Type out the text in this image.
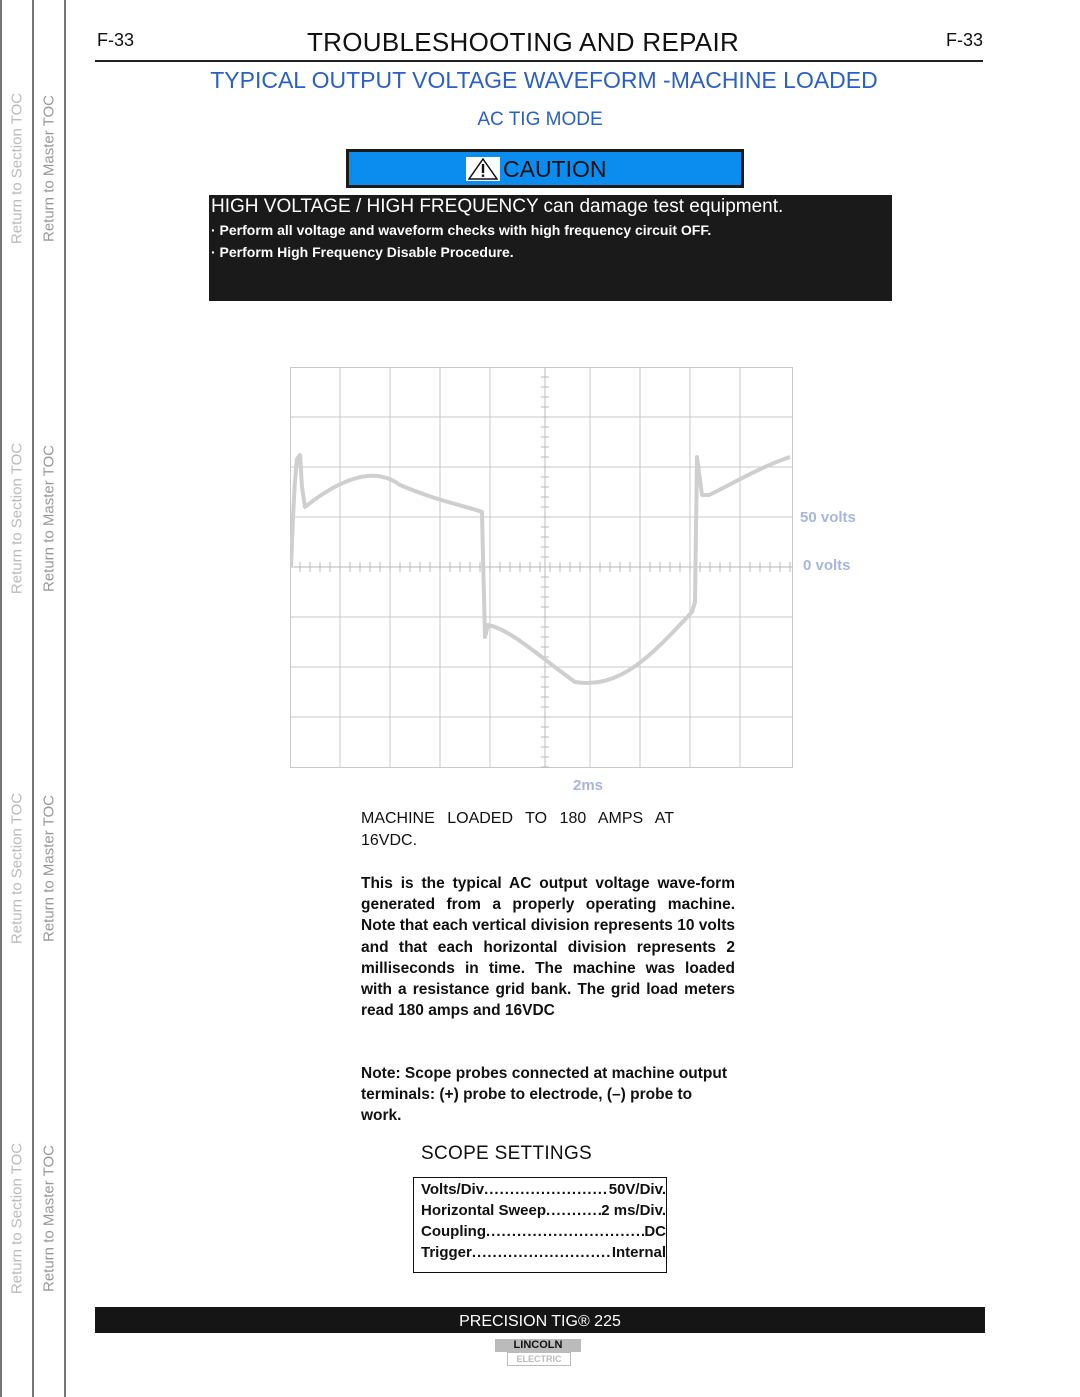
Return to Section TOC
Return to Section TOC
Return to Section TOC
Return to Section TOC
Return to Master TOC
Return to Master TOC
Return to Master TOC
Return to Master TOC
F-33	TROUBLESHOOTING AND REPAIR	F-33
TYPICAL OUTPUT VOLTAGE WAVEFORM -MACHINE LOADED
AC TIG MODE
CAUTION
HIGH VOLTAGE / HIGH FREQUENCY can damage test equipment.
· Perform all voltage and waveform checks with high frequency circuit OFF.
· Perform High Frequency Disable Procedure.
50 volts
0 volts
2ms
MACHINE LOADED TO 180 AMPS AT
16VDC.
This is the typical AC output voltage wave-form generated from a properly operating machine. Note that each vertical division represents 10 volts and that each horizontal division represents 2 milliseconds in time. The machine was loaded with a resistance grid bank. The grid load meters read 180 amps and 16VDC
Note: Scope probes connected at machine output terminals: (+) probe to electrode, (–) probe to work.
SCOPE SETTINGS
Volts/Div .....	50V/Div.
Horizontal Sweep .....	2 ms/Div.
Coupling .....	DC
Trigger .....	Internal
PRECISION TIG® 225
LINCOLN
ELECTRIC
